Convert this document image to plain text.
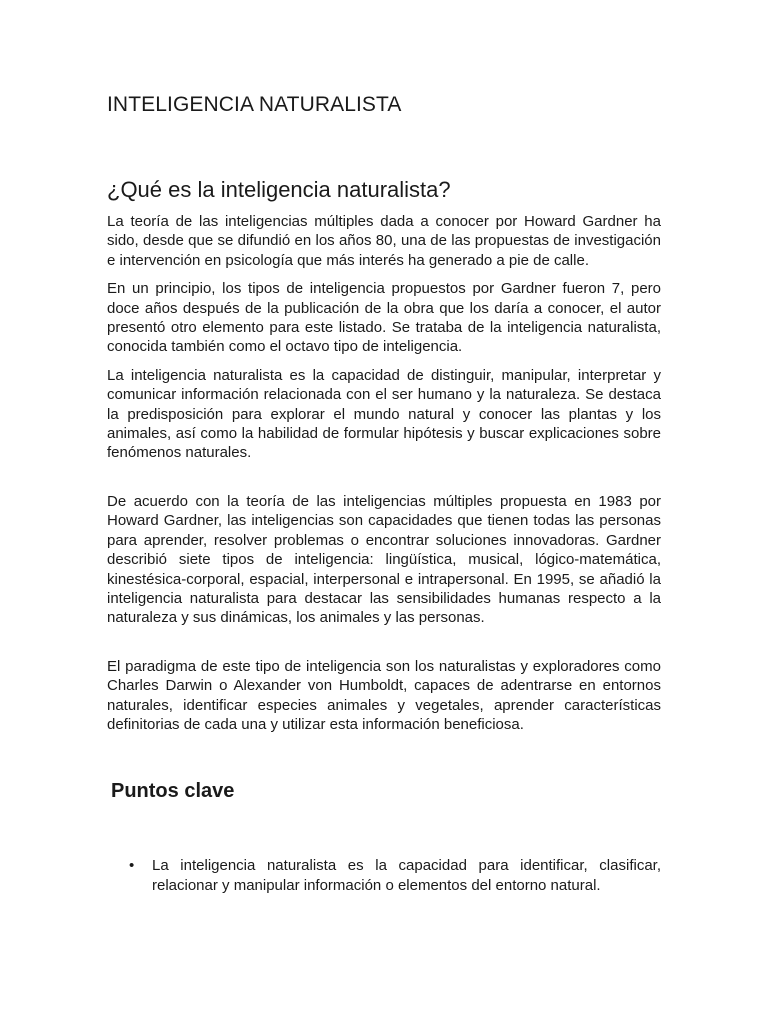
INTELIGENCIA NATURALISTA
¿Qué es la inteligencia naturalista?

La teoría de las inteligencias múltiples dada a conocer por Howard Gardner ha sido, desde que se difundió en los años 80, una de las propuestas de investigación e intervención en psicología que más interés ha generado a pie de calle.

En un principio, los tipos de inteligencia propuestos por Gardner fueron 7, pero doce años después de la publicación de la obra que los daría a conocer, el autor presentó otro elemento para este listado. Se trataba de la inteligencia naturalista, conocida también como el octavo tipo de inteligencia.

La inteligencia naturalista es la capacidad de distinguir, manipular, interpretar y comunicar información relacionada con el ser humano y la naturaleza. Se destaca la predisposición para explorar el mundo natural y conocer las plantas y los animales, así como la habilidad de formular hipótesis y buscar explicaciones sobre fenómenos naturales.

De acuerdo con la teoría de las inteligencias múltiples propuesta en 1983 por Howard Gardner, las inteligencias son capacidades que tienen todas las personas para aprender, resolver problemas o encontrar soluciones innovadoras. Gardner describió siete tipos de inteligencia: lingüística, musical, lógico-matemática, kinestésica-corporal, espacial, interpersonal e intrapersonal. En 1995, se añadió la inteligencia naturalista para destacar las sensibilidades humanas respecto a la naturaleza y sus dinámicas, los animales y las personas.

El paradigma de este tipo de inteligencia son los naturalistas y exploradores como Charles Darwin o Alexander von Humboldt, capaces de adentrarse en entornos naturales, identificar especies animales y vegetales, aprender características definitorias de cada una y utilizar esta información beneficiosa.

Puntos clave
• La inteligencia naturalista es la capacidad para identificar, clasificar, relacionar y manipular información o elementos del entorno natural.
